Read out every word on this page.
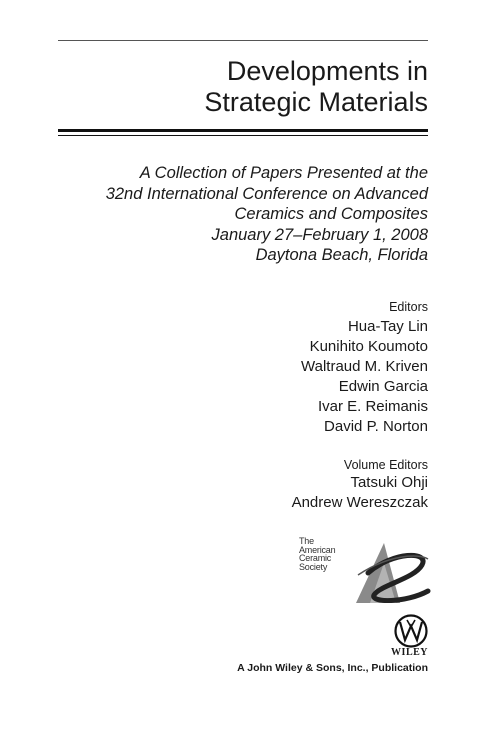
Developments in
Strategic Materials
A Collection of Papers Presented at the
32nd International Conference on Advanced
Ceramics and Composites
January 27–February 1, 2008
Daytona Beach, Florida
Editors
Hua-Tay Lin
Kunihito Koumoto
Waltraud M. Kriven
Edwin Garcia
Ivar E. Reimanis
David P. Norton
Volume Editors
Tatsuki Ohji
Andrew Wereszczak
The
American
Ceramic
Society
WILEY
A John Wiley & Sons, Inc., Publication
